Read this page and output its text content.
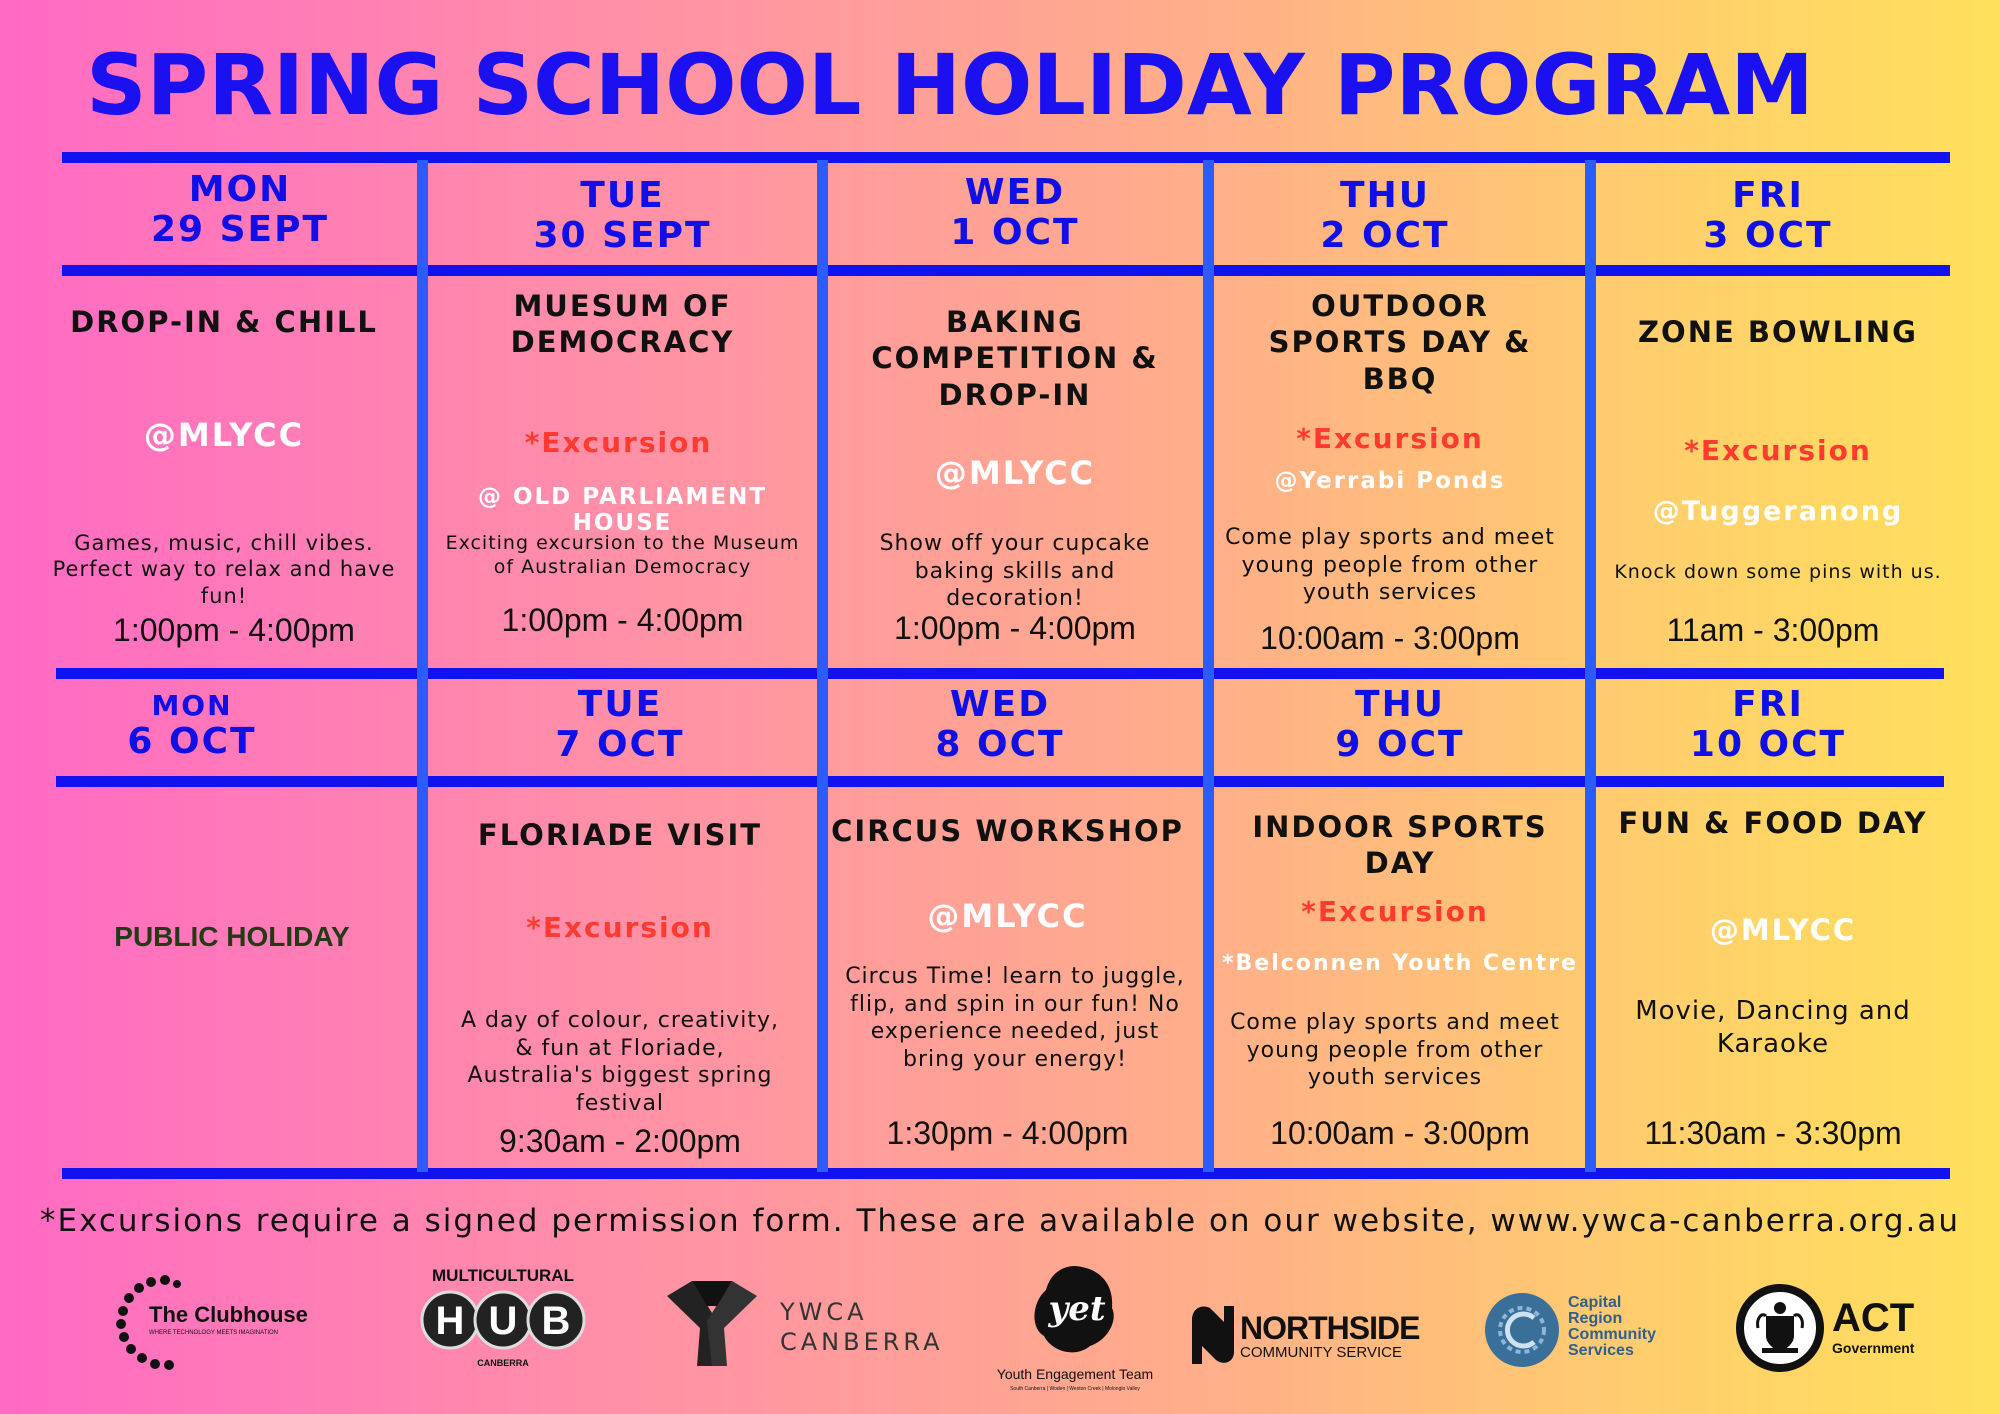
SPRING SCHOOL HOLIDAY PROGRAM
MON
29 SEPT
TUE
30 SEPT
WED
1 OCT
THU
2 OCT
FRI
3 OCT
DROP-IN & CHILL
@MLYCC
Games, music, chill vibes. Perfect way to relax and have fun!
1:00pm - 4:00pm
MUESUM OF DEMOCRACY
*Excursion
@ OLD PARLIAMENT HOUSE
Exciting excursion to the Museum of Australian Democracy
1:00pm - 4:00pm
BAKING COMPETITION & DROP-IN
@MLYCC
Show off your cupcake baking skills and decoration!
1:00pm - 4:00pm
OUTDOOR SPORTS DAY & BBQ
*Excursion
@Yerrabi Ponds
Come play sports and meet young people from other youth services
10:00am - 3:00pm
ZONE BOWLING
*Excursion
@Tuggeranong
Knock down some pins with us.
11am - 3:00pm
MON
6 OCT
TUE
7 OCT
WED
8 OCT
THU
9 OCT
FRI
10 OCT
PUBLIC HOLIDAY
FLORIADE VISIT
*Excursion
A day of colour, creativity, & fun at Floriade, Australia's biggest spring festival
9:30am - 2:00pm
CIRCUS WORKSHOP
@MLYCC
Circus Time! learn to juggle, flip, and spin in our fun! No experience needed, just bring your energy!
1:30pm - 4:00pm
INDOOR SPORTS DAY
*Excursion
*Belconnen Youth Centre
Come play sports and meet young people from other youth services
10:00am - 3:00pm
FUN & FOOD DAY
@MLYCC
Movie, Dancing and Karaoke
11:30am - 3:30pm
*Excursions require a signed permission form. These are available on our website, www.ywca-canberra.org.au
The Clubhouse
WHERE TECHNOLOGY MEETS IMAGINATION
MULTICULTURAL
H U B
CANBERRA
YWCA
CANBERRA
yet
Youth Engagement Team
South Canberra | Woden | Weston Creek | Molonglo Valley
NORTHSIDE
COMMUNITY SERVICE
Capital
Region
Community
Services
ACT
Government
